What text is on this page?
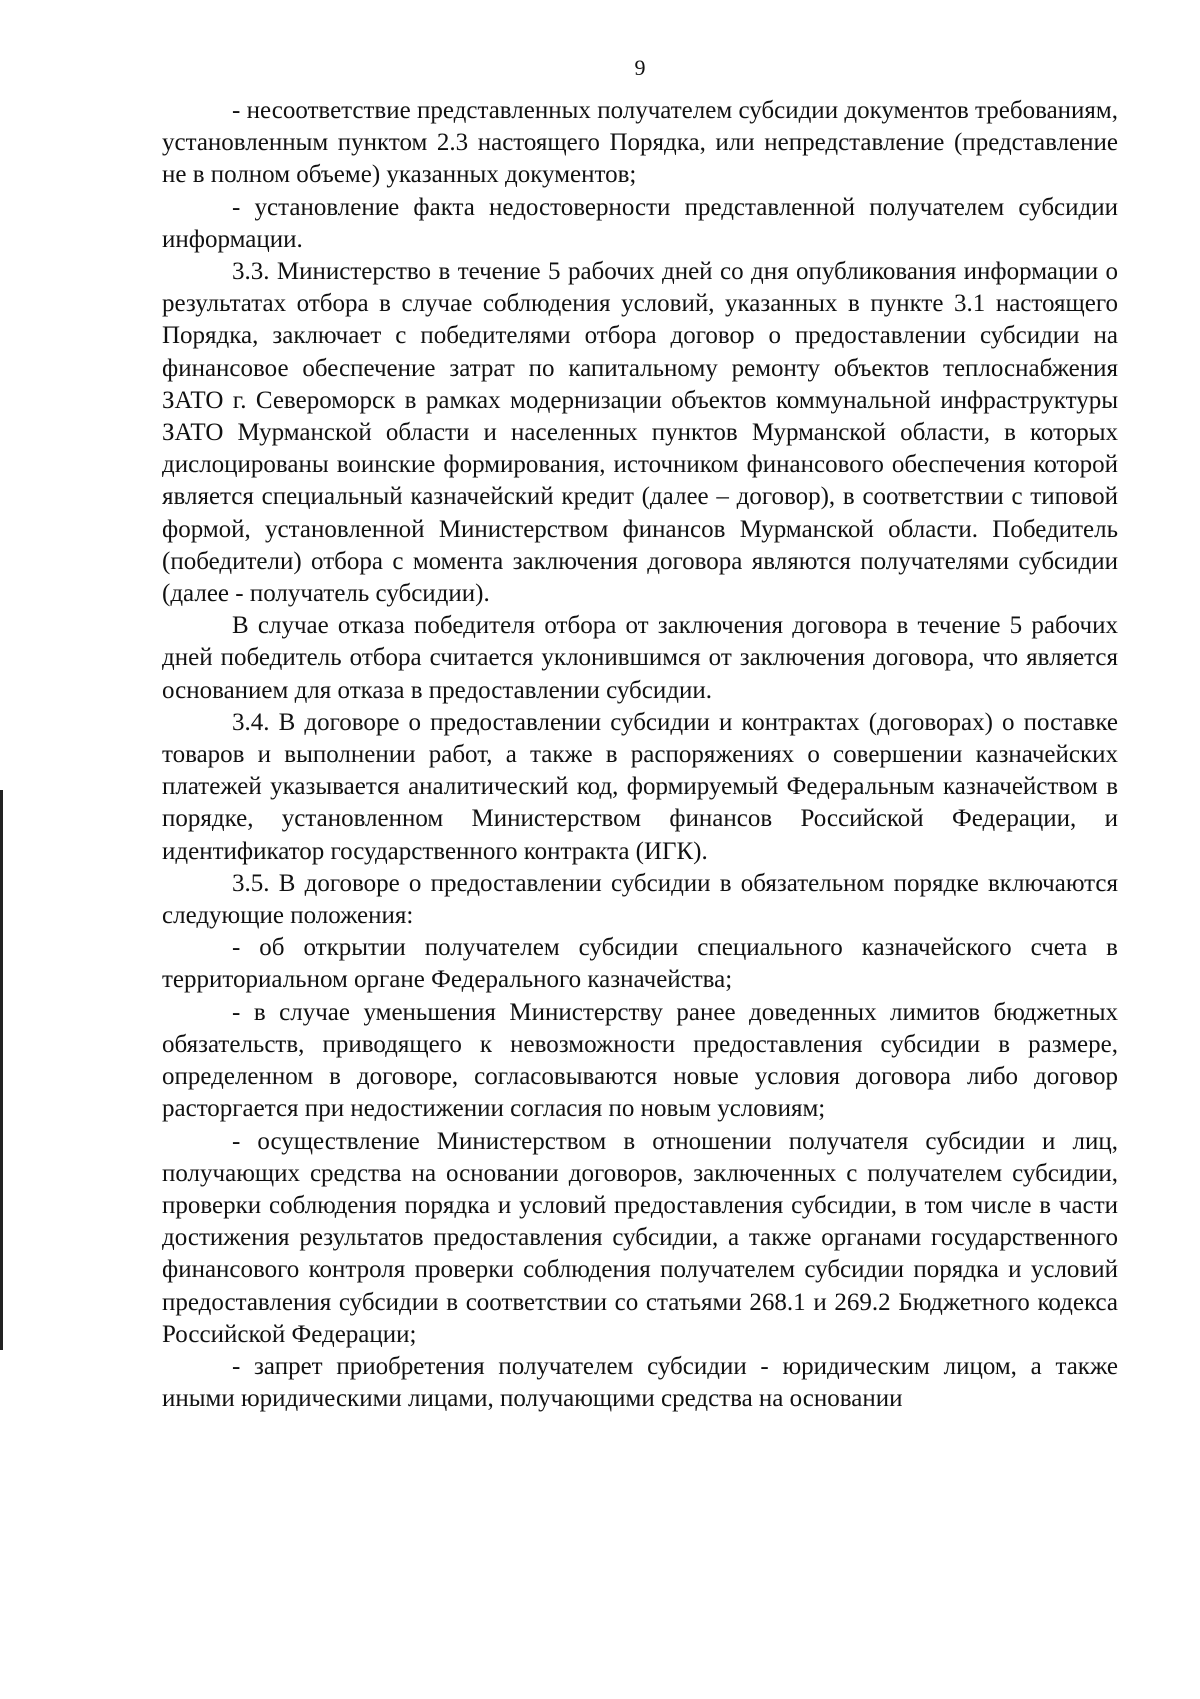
9

- несоответствие представленных получателем субсидии документов требованиям, установленным пунктом 2.3 настоящего Порядка, или непредставление (представление не в полном объеме) указанных документов;

- установление факта недостоверности представленной получателем субсидии информации.

3.3. Министерство в течение 5 рабочих дней со дня опубликования информации о результатах отбора в случае соблюдения условий, указанных в пункте 3.1 настоящего Порядка, заключает с победителями отбора договор о предоставлении субсидии на финансовое обеспечение затрат по капитальному ремонту объектов теплоснабжения ЗАТО г. Североморск в рамках модернизации объектов коммунальной инфраструктуры ЗАТО Мурманской области и населенных пунктов Мурманской области, в которых дислоцированы воинские формирования, источником финансового обеспечения которой является специальный казначейский кредит (далее – договор), в соответствии с типовой формой, установленной Министерством финансов Мурманской области. Победитель (победители) отбора с момента заключения договора являются получателями субсидии (далее - получатель субсидии).

В случае отказа победителя отбора от заключения договора в течение 5 рабочих дней победитель отбора считается уклонившимся от заключения договора, что является основанием для отказа в предоставлении субсидии.

3.4. В договоре о предоставлении субсидии и контрактах (договорах) о поставке товаров и выполнении работ, а также в распоряжениях о совершении казначейских платежей указывается аналитический код, формируемый Федеральным казначейством в порядке, установленном Министерством финансов Российской Федерации, и идентификатор государственного контракта (ИГК).

3.5. В договоре о предоставлении субсидии в обязательном порядке включаются следующие положения:

- об открытии получателем субсидии специального казначейского счета в территориальном органе Федерального казначейства;

- в случае уменьшения Министерству ранее доведенных лимитов бюджетных обязательств, приводящего к невозможности предоставления субсидии в размере, определенном в договоре, согласовываются новые условия договора либо договор расторгается при недостижении согласия по новым условиям;

- осуществление Министерством в отношении получателя субсидии и лиц, получающих средства на основании договоров, заключенных с получателем субсидии, проверки соблюдения порядка и условий предоставления субсидии, в том числе в части достижения результатов предоставления субсидии, а также органами государственного финансового контроля проверки соблюдения получателем субсидии порядка и условий предоставления субсидии в соответствии со статьями 268.1 и 269.2 Бюджетного кодекса Российской Федерации;

- запрет приобретения получателем субсидии - юридическим лицом, а также иными юридическими лицами, получающими средства на основании
